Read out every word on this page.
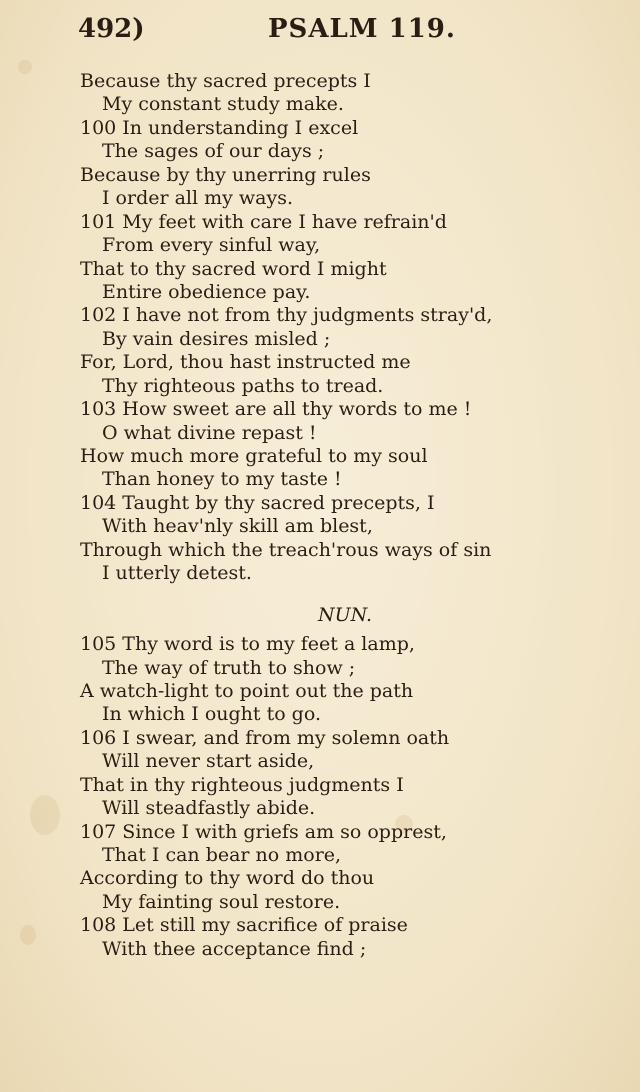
492)	PSALM 119.
Because thy sacred precepts I
My constant study make.
100 In understanding I excel
The sages of our days ;
Because by thy unerring rules
I order all my ways.
101 My feet with care I have refrain'd
From every sinful way,
That to thy sacred word I might
Entire obedience pay.
102 I have not from thy judgments stray'd,
By vain desires misled ;
For, Lord, thou hast instructed me
Thy righteous paths to tread.
103 How sweet are all thy words to me !
O what divine repast !
How much more grateful to my soul
Than honey to my taste !
104 Taught by thy sacred precepts, I
With heav'nly skill am blest,
Through which the treach'rous ways of sin
I utterly detest.
NUN.
105 Thy word is to my feet a lamp,
The way of truth to show ;
A watch-light to point out the path
In which I ought to go.
106 I swear, and from my solemn oath
Will never start aside,
That in thy righteous judgments I
Will steadfastly abide.
107 Since I with griefs am so opprest,
That I can bear no more,
According to thy word do thou
My fainting soul restore.
108 Let still my sacrifice of praise
With thee acceptance find ;
